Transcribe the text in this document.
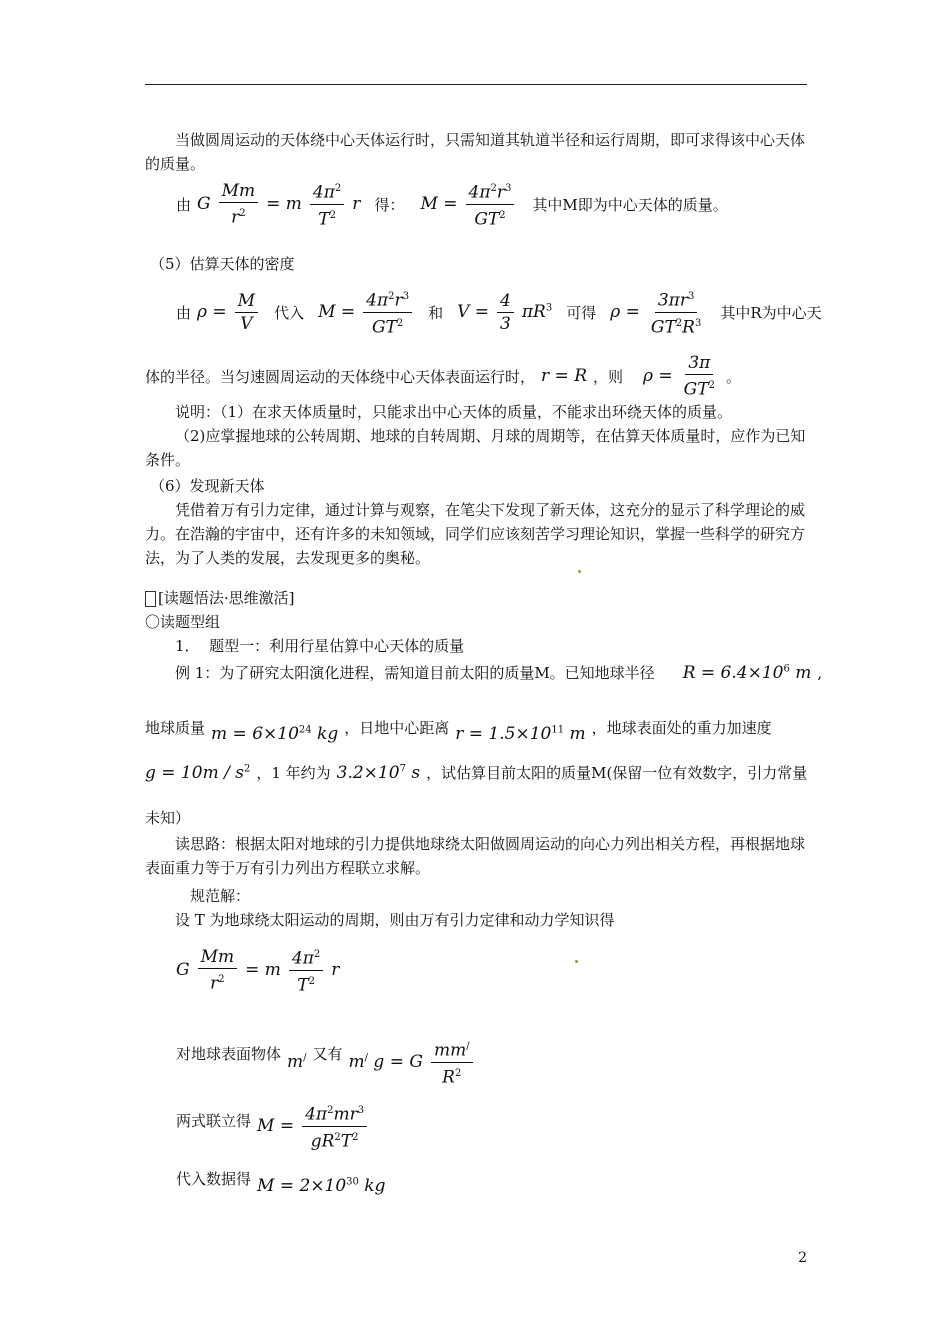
当做圆周运动的天体绕中心天体运行时，只需知道其轨道半径和运行周期，即可求得该中心天体的质量。
由 G $\frac{Mm}{r^2} = m \frac{4\pi^2}{T^2}$ r 得： $M = \frac{4\pi^2r^3}{GT^2}$ 其中M即为中心天体的质量。
（5）估算天体的密度
由 $\rho = \frac{M}{V}$ 代入 $M = \frac{4\pi^2r^3}{GT^2}$ 和 $V = \frac{4}{3} \pi R^3$ 可得 $\rho = \frac{3\pi r^3}{GT^2R^3}$ 其中R为中心天
体的半径。当匀速圆周运动的天体绕中心天体表面运行时， r = R ，则 $\rho = \frac{3\pi}{GT^2}$ 。
说明：（1）在求天体质量时，只能求出中心天体的质量，不能求出环绕天体的质量。
（2)应掌握地球的公转周期、地球的自转周期、月球的周期等，在估算天体质量时，应作为已知条件。
（6）发现新天体
凭借着万有引力定律，通过计算与观察，在笔尖下发现了新天体，这充分的显示了科学理论的威力。在浩瀚的宇宙中，还有许多的未知领域，同学们应该刻苦学习理论知识，掌握一些科学的研究方法，为了人类的发展，去发现更多的奥秘。
[读题悟法·思维激活]
〇读题型组
1．  题型一：利用行星估算中心天体的质量
例 1：为了研究太阳演化进程，需知道目前太阳的质量M。已知地球半径 $R = 6.4\times 10^6$ m ,
地球质量 $m = 6\times 10^{24}$ kg ，日地中心距离 $r = 1.5\times 10^{11}$ m ，地球表面处的重力加速度
$g = 10m / s^2$ ，1 年约为 $3.2\times 10^7$ s ，试估算目前太阳的质量M(保留一位有效数字，引力常量
未知）
读思路：根据太阳对地球的引力提供地球绕太阳做圆周运动的向心力列出相关方程，再根据地球表面重力等于万有引力列出方程联立求解。
规范解：
设 T 为地球绕太阳运动的周期，则由万有引力定律和动力学知识得
G $\frac{Mm}{r^2} = m \frac{4\pi^2}{T^2}$ r
对地球表面物体 m/ 又有 m/ g = G $\frac{mm^/}{R^2}$
两式联立得 $M = \frac{4\pi^2mr^3}{gR^2T^2}$
代入数据得 $M = 2\times 10^{30}$ kg
2
